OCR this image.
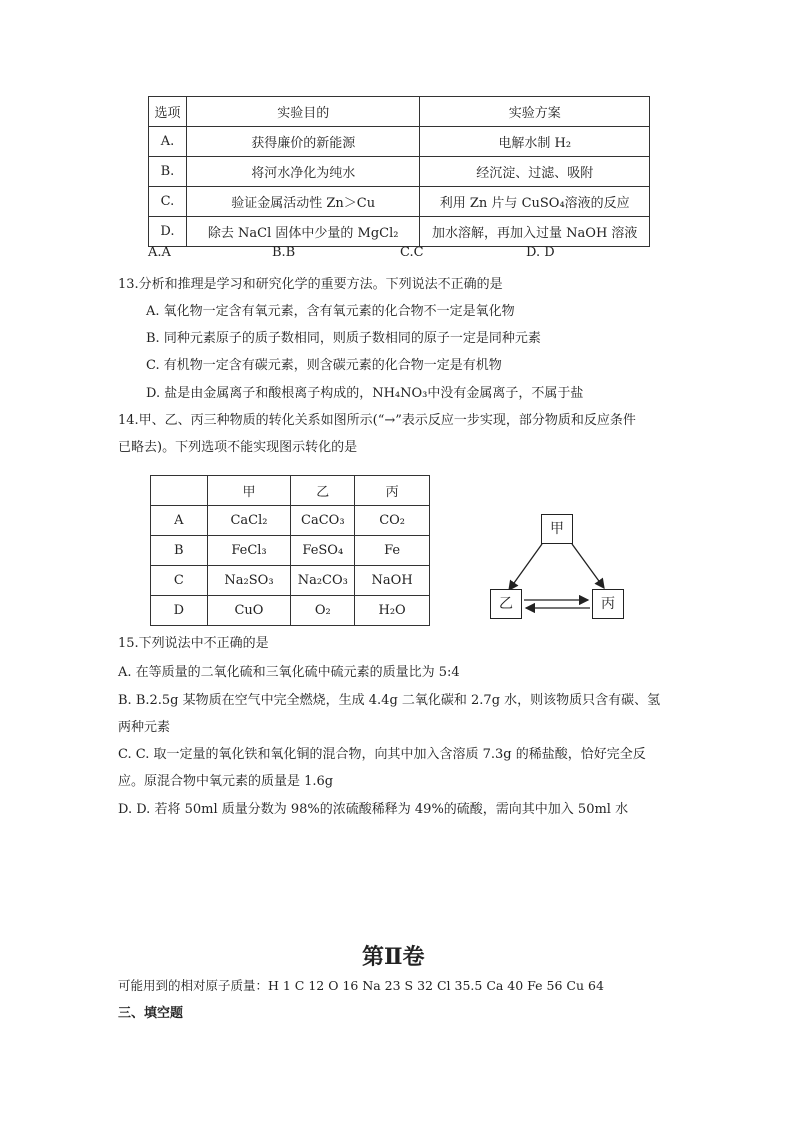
选项	实验目的	实验方案
A.	获得廉价的新能源	电解水制 H₂
B.	将河水净化为纯水	经沉淀、过滤、吸附
C.	验证金属活动性 Zn＞Cu	利用 Zn 片与 CuSO₄溶液的反应
D.	除去 NaCl 固体中少量的 MgCl₂	加水溶解，再加入过量 NaOH 溶液
A.A	B.B	C.C	D. D
13.分析和推理是学习和研究化学的重要方法。下列说法不正确的是
A. 氧化物一定含有氧元素，含有氧元素的化合物不一定是氧化物
B. 同种元素原子的质子数相同，则质子数相同的原子一定是同种元素
C. 有机物一定含有碳元素，则含碳元素的化合物一定是有机物
D. 盐是由金属离子和酸根离子构成的，NH₄NO₃中没有金属离子，不属于盐
14.甲、乙、丙三种物质的转化关系如图所示(“→”表示反应一步实现，部分物质和反应条件
已略去)。下列选项不能实现图示转化的是
	甲	乙	丙
A	CaCl₂	CaCO₃	CO₂
B	FeCl₃	FeSO₄	Fe
C	Na₂SO₃	Na₂CO₃	NaOH
D	CuO	O₂	H₂O
甲
乙	丙
15.下列说法中不正确的是
A. 在等质量的二氧化硫和三氧化硫中硫元素的质量比为 5:4
B. B.2.5g 某物质在空气中完全燃烧，生成 4.4g 二氧化碳和 2.7g 水，则该物质只含有碳、氢
两种元素
C. C. 取一定量的氧化铁和氧化铜的混合物，向其中加入含溶质 7.3g 的稀盐酸，恰好完全反
应。原混合物中氧元素的质量是 1.6g
D. D. 若将 50ml 质量分数为 98%的浓硫酸稀释为 49%的硫酸，需向其中加入 50ml 水
第Ⅱ卷
可能用到的相对原子质量：H 1 C 12 O 16 Na 23 S 32 Cl 35.5 Ca 40 Fe 56 Cu 64
三、填空题
